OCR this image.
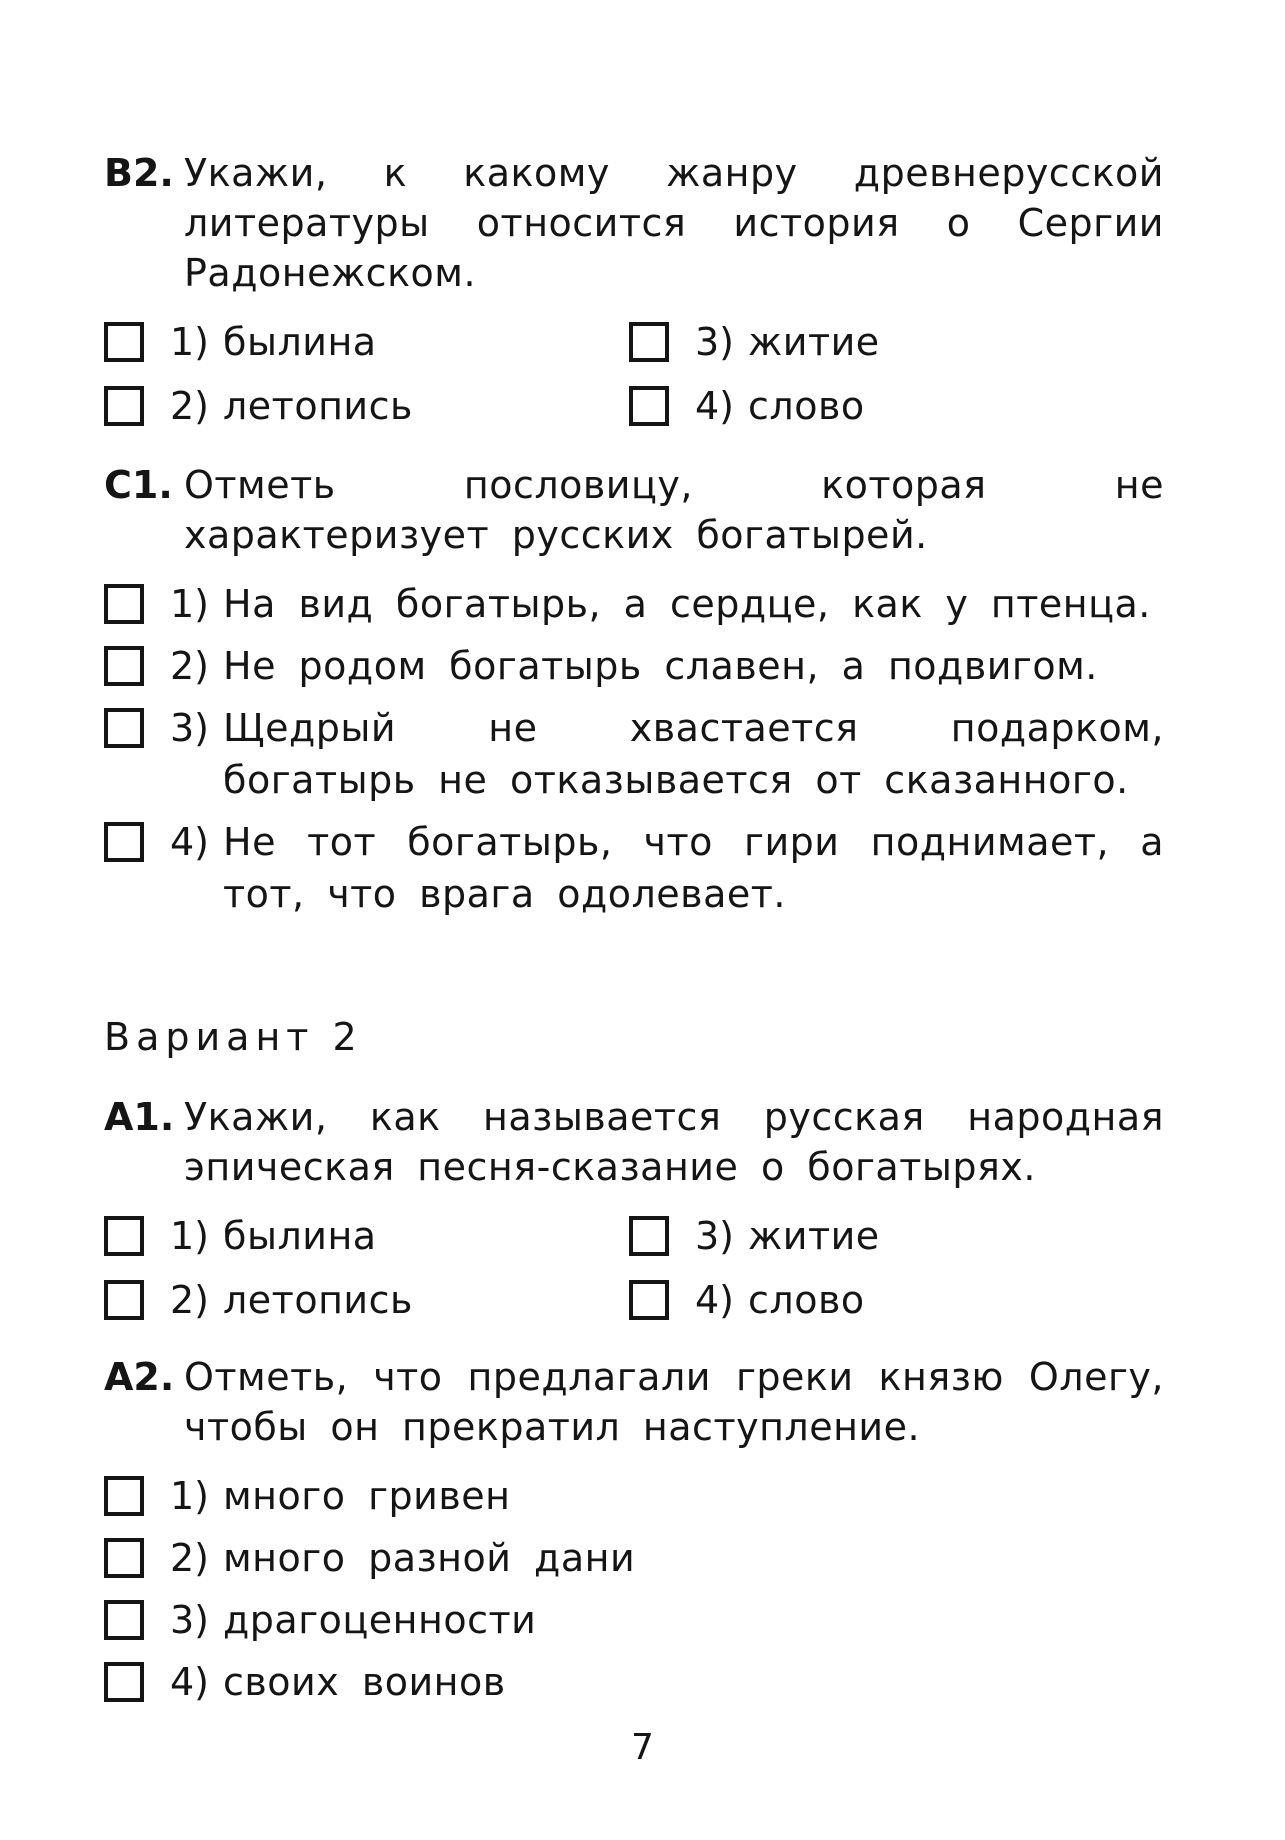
В2. Укажи, к какому жанру древнерусской литературы относится история о Сергии Радонежском.
1) былина	3) житие
2) летопись	4) слово
С1. Отметь пословицу, которая не характеризует русских богатырей.
1) На вид богатырь, а сердце, как у птенца.
2) Не родом богатырь славен, а подвигом.
3) Щедрый не хвастается подарком, богатырь не отказывается от сказанного.
4) Не тот богатырь, что гири поднимает, а тот, что врага одолевает.
Вариант 2
А1. Укажи, как называется русская народная эпическая песня-сказание о богатырях.
1) былина	3) житие
2) летопись	4) слово
А2. Отметь, что предлагали греки князю Олегу, чтобы он прекратил наступление.
1) много гривен
2) много разной дани
3) драгоценности
4) своих воинов
7
